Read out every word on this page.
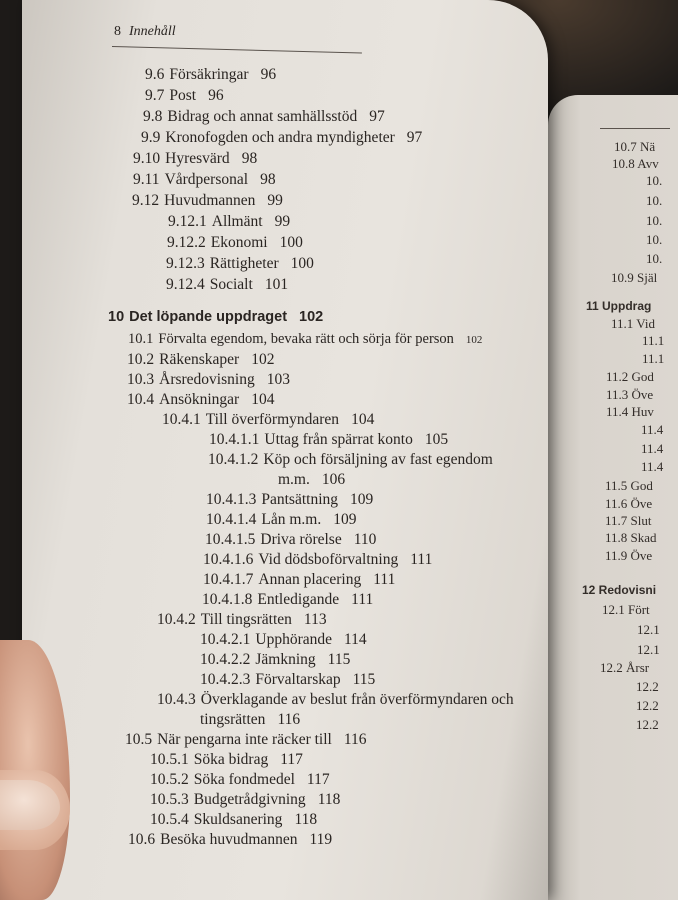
8 Innehåll
9.6 Försäkringar 96
9.7 Post 96
9.8 Bidrag och annat samhällsstöd 97
9.9 Kronofogden och andra myndigheter 97
9.10 Hyresvärd 98
9.11 Vårdpersonal 98
9.12 Huvudmannen 99
9.12.1 Allmänt 99
9.12.2 Ekonomi 100
9.12.3 Rättigheter 100
9.12.4 Socialt 101
10 Det löpande uppdraget 102
10.1 Förvalta egendom, bevaka rätt och sörja för person 102
10.2 Räkenskaper 102
10.3 Årsredovisning 103
10.4 Ansökningar 104
10.4.1 Till överförmyndaren 104
10.4.1.1 Uttag från spärrat konto 105
10.4.1.2 Köp och försäljning av fast egendom
m.m. 106
10.4.1.3 Pantsättning 109
10.4.1.4 Lån m.m. 109
10.4.1.5 Driva rörelse 110
10.4.1.6 Vid dödsboförvaltning 111
10.4.1.7 Annan placering 111
10.4.1.8 Entledigande 111
10.4.2 Till tingsrätten 113
10.4.2.1 Upphörande 114
10.4.2.2 Jämkning 115
10.4.2.3 Förvaltarskap 115
10.4.3 Överklagande av beslut från överförmyndaren och
tingsrätten 116
10.5 När pengarna inte räcker till 116
10.5.1 Söka bidrag 117
10.5.2 Söka fondmedel 117
10.5.3 Budgetrådgivning 118
10.5.4 Skuldsanering 118
10.6 Besöka huvudmannen 119
10.7 Nä
10.8 Avv
10.
10.
10.
10.
10.
10.9 Själ
11 Uppdrag
11.1 Vid
11.1
11.1
11.2 God
11.3 Öve
11.4 Huv
11.4
11.4
11.4
11.5 God
11.6 Öve
11.7 Slut
11.8 Skad
11.9 Öve
12 Redovisni
12.1 Fört
12.1
12.1
12.2 Årsr
12.2
12.2
12.2
